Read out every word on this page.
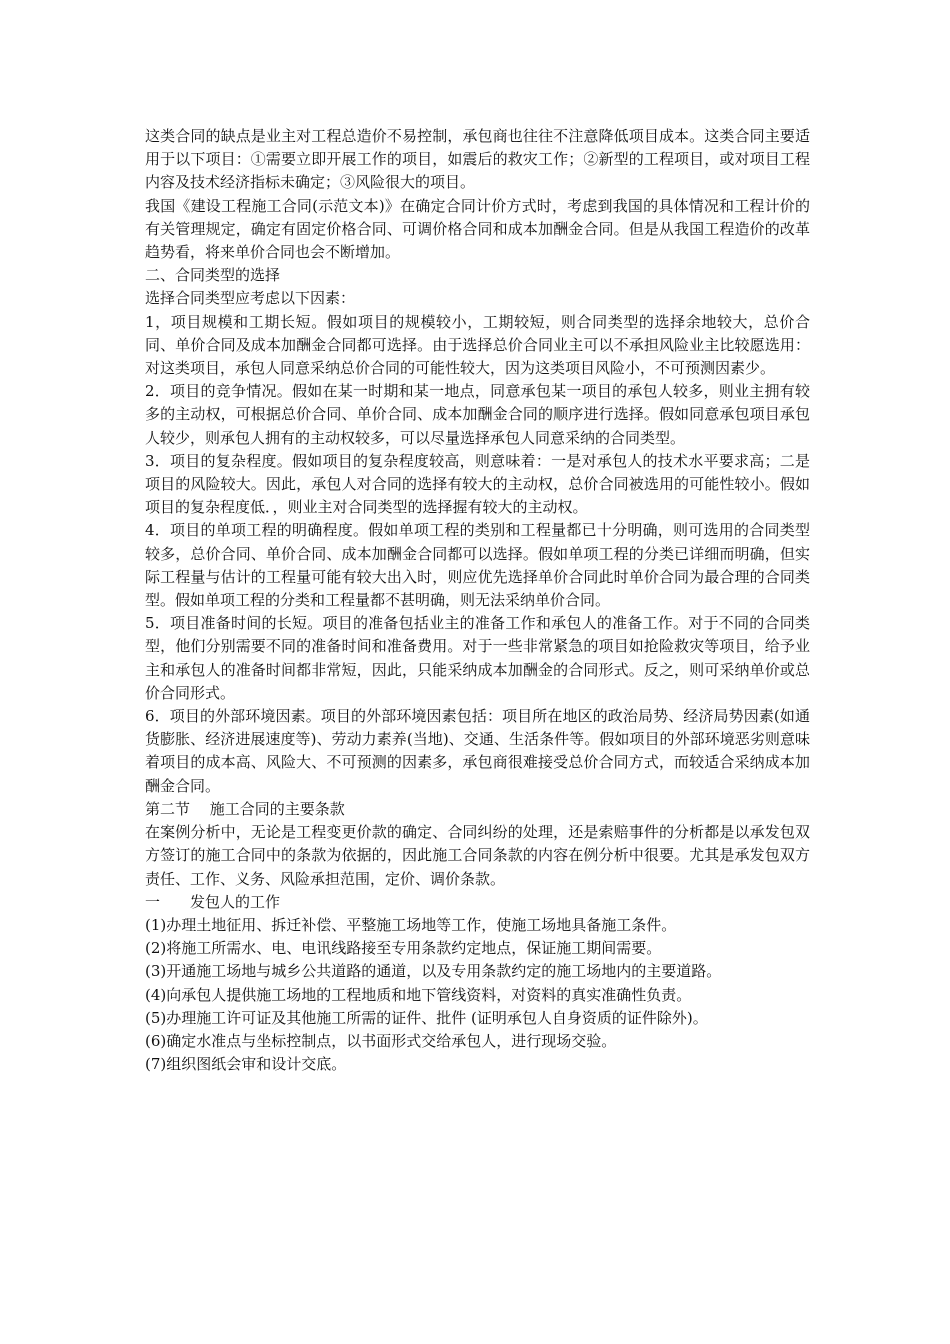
这类合同的缺点是业主对工程总造价不易控制，承包商也往往不注意降低项目成本。这类合同主要适用于以下项目：①需要立即开展工作的项目，如震后的救灾工作；②新型的工程项目，或对项目工程内容及技术经济指标未确定；③风险很大的项目。

我国《建设工程施工合同(示范文本)》在确定合同计价方式时，考虑到我国的具体情况和工程计价的有关管理规定，确定有固定价格合同、可调价格合同和成本加酬金合同。但是从我国工程造价的改革趋势看，将来单价合同也会不断增加。

二、合同类型的选择

选择合同类型应考虑以下因素：

1，项目规模和工期长短。假如项目的规模较小，工期较短，则合同类型的选择余地较大，总价合同、单价合同及成本加酬金合同都可选择。由于选择总价合同业主可以不承担风险业主比较愿选用：对这类项目，承包人同意采纳总价合同的可能性较大，因为这类项目风险小，不可预测因素少。

2．项目的竞争情况。假如在某一时期和某一地点，同意承包某一项目的承包人较多，则业主拥有较多的主动权，可根据总价合同、单价合同、成本加酬金合同的顺序进行选择。假如同意承包项目承包人较少，则承包人拥有的主动权较多，可以尽量选择承包人同意采纳的合同类型。

3．项目的复杂程度。假如项目的复杂程度较高，则意味着：一是对承包人的技术水平要求高；二是项目的风险较大。因此，承包人对合同的选择有较大的主动权，总价合同被选用的可能性较小。假如项目的复杂程度低．，则业主对合同类型的选择握有较大的主动权。

4．项目的单项工程的明确程度。假如单项工程的类别和工程量都已十分明确，则可选用的合同类型较多，总价合同、单价合同、成本加酬金合同都可以选择。假如单项工程的分类已详细而明确，但实际工程量与估计的工程量可能有较大出入时，则应优先选择单价合同此时单价合同为最合理的合同类型。假如单项工程的分类和工程量都不甚明确，则无法采纳单价合同。

5．项目准备时间的长短。项目的准备包括业主的准备工作和承包人的准备工作。对于不同的合同类型，他们分别需要不同的准备时间和准备费用。对于一些非常紧急的项目如抢险救灾等项目，给予业主和承包人的准备时间都非常短，因此，只能采纳成本加酬金的合同形式。反之，则可采纳单价或总价合同形式。

6．项目的外部环境因素。项目的外部环境因素包括：项目所在地区的政治局势、经济局势因素(如通货膨胀、经济进展速度等)、劳动力素养(当地)、交通、生活条件等。假如项目的外部环境恶劣则意味着项目的成本高、风险大、不可预测的因素多，承包商很难接受总价合同方式，而较适合采纳成本加酬金合同。

第二节　 施工合同的主要条款

在案例分析中，无论是工程变更价款的确定、合同纠纷的处理，还是索赔事件的分析都是以承发包双方签订的施工合同中的条款为依据的，因此施工合同条款的内容在例分析中很要。尤其是承发包双方责任、工作、义务、风险承担范围，定价、调价条款。

一　　发包人的工作

(1)办理土地征用、拆迁补偿、平整施工场地等工作，使施工场地具备施工条件。

(2)将施工所需水、电、电讯线路接至专用条款约定地点，保证施工期间需要。

(3)开通施工场地与城乡公共道路的通道，以及专用条款约定的施工场地内的主要道路。

(4)向承包人提供施工场地的工程地质和地下管线资料，对资料的真实准确性负责。

(5)办理施工许可证及其他施工所需的证件、批件 (证明承包人自身资质的证件除外)。

(6)确定水准点与坐标控制点，以书面形式交给承包人，进行现场交验。

(7)组织图纸会审和设计交底。
